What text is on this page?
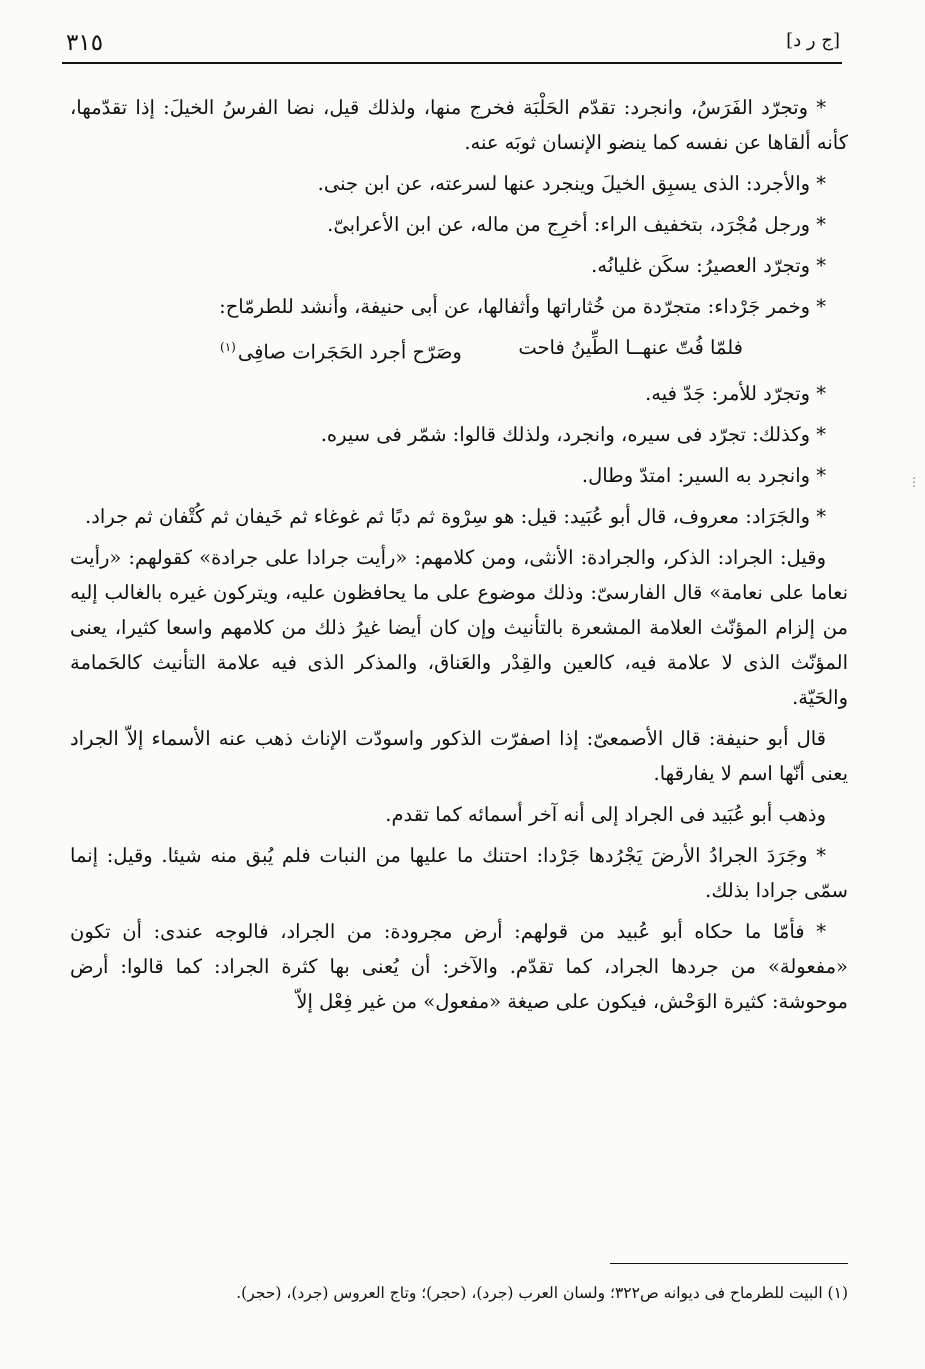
٣١٥	[ج ر د]

* وتجرّد الفَرَسُ، وانجرد: تقدّم الحَلْبَة فخرج منها، ولذلك قيل، نضا الفرسُ الخيلَ: إذا تقدّمها، كأنه ألقاها عن نفسه كما ينضو الإنسان ثوبَه عنه.

* والأجرد: الذى يسبِق الخيلَ وينجرد عنها لسرعته، عن ابن جنى.

* ورجل مُجْرَد، بتخفيف الراء: أخرِج من ماله، عن ابن الأعرابىّ.

* وتجرّد العصيرُ: سكَن غليانُه.

* وخمر جَرْداء: متجرّدة من خُثاراتها وأثفالها، عن أبى حنيفة، وأنشد للطرمّاح:

فلمّا فُتّ عنهــا الطِّينُ فاحت
وصَرّح أجرد الحَجَرات صافِى$^{(١)}$

* وتجرّد للأمر: جَدّ فيه.

* وكذلك: تجرّد فى سيره، وانجرد، ولذلك قالوا: شمّر فى سيره.

* وانجرد به السير: امتدّ وطال.

* والجَرَاد: معروف، قال أبو عُبَيد: قيل: هو سِرْوة ثم دبًا ثم غوغاء ثم خَيفان ثم كُتْفان ثم جراد.

وقيل: الجراد: الذكر، والجرادة: الأنثى، ومن كلامهم: «رأيت جرادا على جرادة» كقولهم: «رأيت نعاما على نعامة» قال الفارسىّ: وذلك موضوع على ما يحافظون عليه، ويتركون غيره بالغالب إليه من إلزام المؤنّث العلامة المشعرة بالتأنيث وإن كان أيضا غيرُ ذلك من كلامهم واسعا كثيرا، يعنى المؤنّث الذى لا علامة فيه، كالعين والقِدْر والعَناق، والمذكر الذى فيه علامة التأنيث كالحَمامة والحَيّة.

قال أبو حنيفة: قال الأصمعىّ: إذا اصفرّت الذكور واسودّت الإناث ذهب عنه الأسماء إلاّ الجراد يعنى أنّها اسم لا يفارقها.

وذهب أبو عُبَيد فى الجراد إلى أنه آخر أسمائه كما تقدم.

* وجَرَدَ الجرادُ الأرضَ يَجْرُدها جَرْدا: احتنك ما عليها من النبات فلم يُبق منه شيئا. وقيل: إنما سمّى جرادا بذلك.

* فأمّا ما حكاه أبو عُبيد من قولهم: أرض مجرودة: من الجراد، فالوجه عندى: أن تكون «مفعولة» من جردها الجراد، كما تقدّم. والآخر: أن يُعنى بها كثرة الجراد: كما قالوا: أرض موحوشة: كثيرة الوَحْش، فيكون على صيغة «مفعول» من غير فِعْل إلاّ

⋮
(١) البيت للطرماح فى ديوانه ص٣٢٢؛ ولسان العرب (جرد)، (حجر)؛ وتاج العروس (جرد)، (حجر).
